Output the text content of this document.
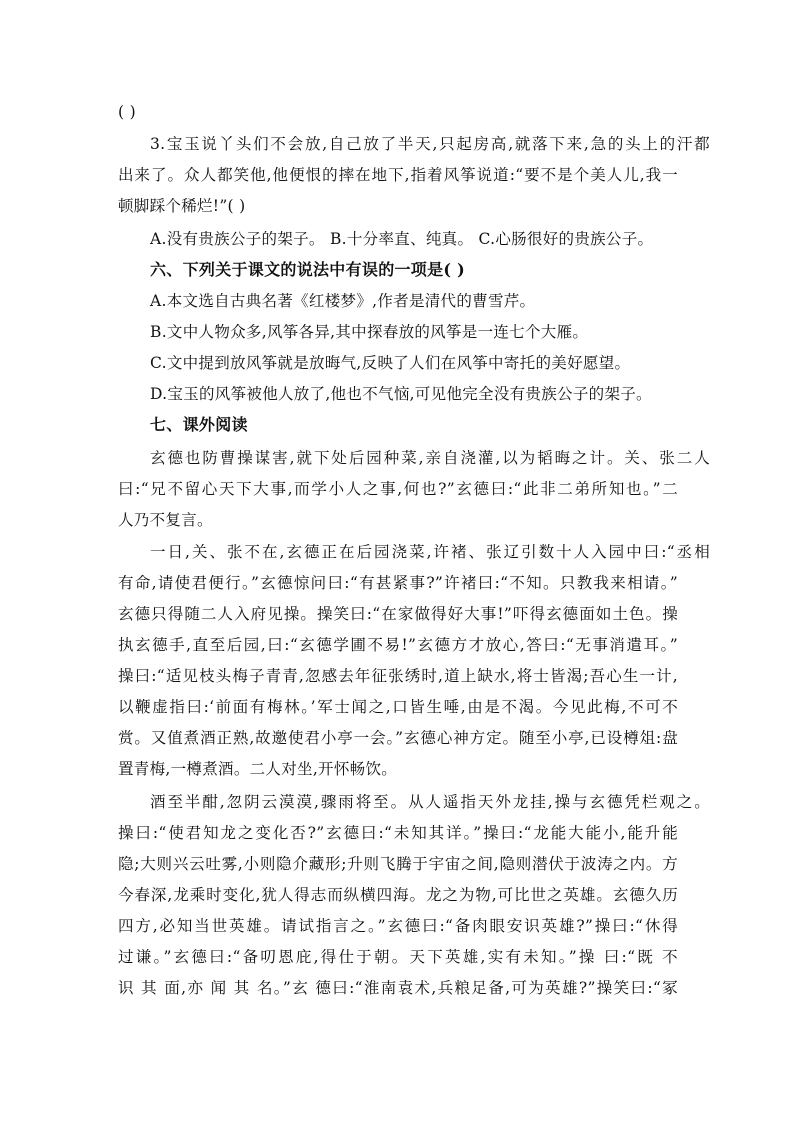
( )
3.宝玉说丫头们不会放,自己放了半天,只起房高,就落下来,急的头上的汗都
出来了。众人都笑他,他便恨的摔在地下,指着风筝说道:“要不是个美人儿,我一
顿脚踩个稀烂!”( )
A.没有贵族公子的架子。 B.十分率直、纯真。 C.心肠很好的贵族公子。
六、下列关于课文的说法中有误的一项是( )
A.本文选自古典名著《红楼梦》,作者是清代的曹雪芹。
B.文中人物众多,风筝各异,其中探春放的风筝是一连七个大雁。
C.文中提到放风筝就是放晦气,反映了人们在风筝中寄托的美好愿望。
D.宝玉的风筝被他人放了,他也不气恼,可见他完全没有贵族公子的架子。
七、课外阅读
玄德也防曹操谋害,就下处后园种菜,亲自浇灌,以为韬晦之计。关、张二人
曰:“兄不留心天下大事,而学小人之事,何也?”玄德曰:“此非二弟所知也。”二
人乃不复言。
一日,关、张不在,玄德正在后园浇菜,许褚、张辽引数十人入园中曰:“丞相
有命,请使君便行。”玄德惊问曰:“有甚紧事?”许褚曰:“不知。只教我来相请。”
玄德只得随二人入府见操。操笑曰:“在家做得好大事!”吓得玄德面如土色。操
执玄德手,直至后园,曰:“玄德学圃不易!”玄德方才放心,答曰:“无事消遣耳。”
操曰:“适见枝头梅子青青,忽感去年征张绣时,道上缺水,将士皆渴;吾心生一计,
以鞭虚指曰:‘前面有梅林。’军士闻之,口皆生唾,由是不渴。今见此梅,不可不
赏。又值煮酒正熟,故邀使君小亭一会。”玄德心神方定。随至小亭,已设樽俎:盘
置青梅,一樽煮酒。二人对坐,开怀畅饮。
酒至半酣,忽阴云漠漠,骤雨将至。从人遥指天外龙挂,操与玄德凭栏观之。
操曰:“使君知龙之变化否?”玄德曰:“未知其详。”操曰:“龙能大能小,能升能
隐;大则兴云吐雾,小则隐介藏形;升则飞腾于宇宙之间,隐则潜伏于波涛之内。方
今春深,龙乘时变化,犹人得志而纵横四海。龙之为物,可比世之英雄。玄德久历
四方,必知当世英雄。请试指言之。”玄德曰:“备肉眼安识英雄?”操曰:“休得
过谦。”玄德曰:“备叨恩庇,得仕于朝。天下英雄,实有未知。”操 曰:“既 不
识 其 面,亦 闻 其 名。”玄 德曰:“淮南袁术,兵粮足备,可为英雄?”操笑曰:“冢
